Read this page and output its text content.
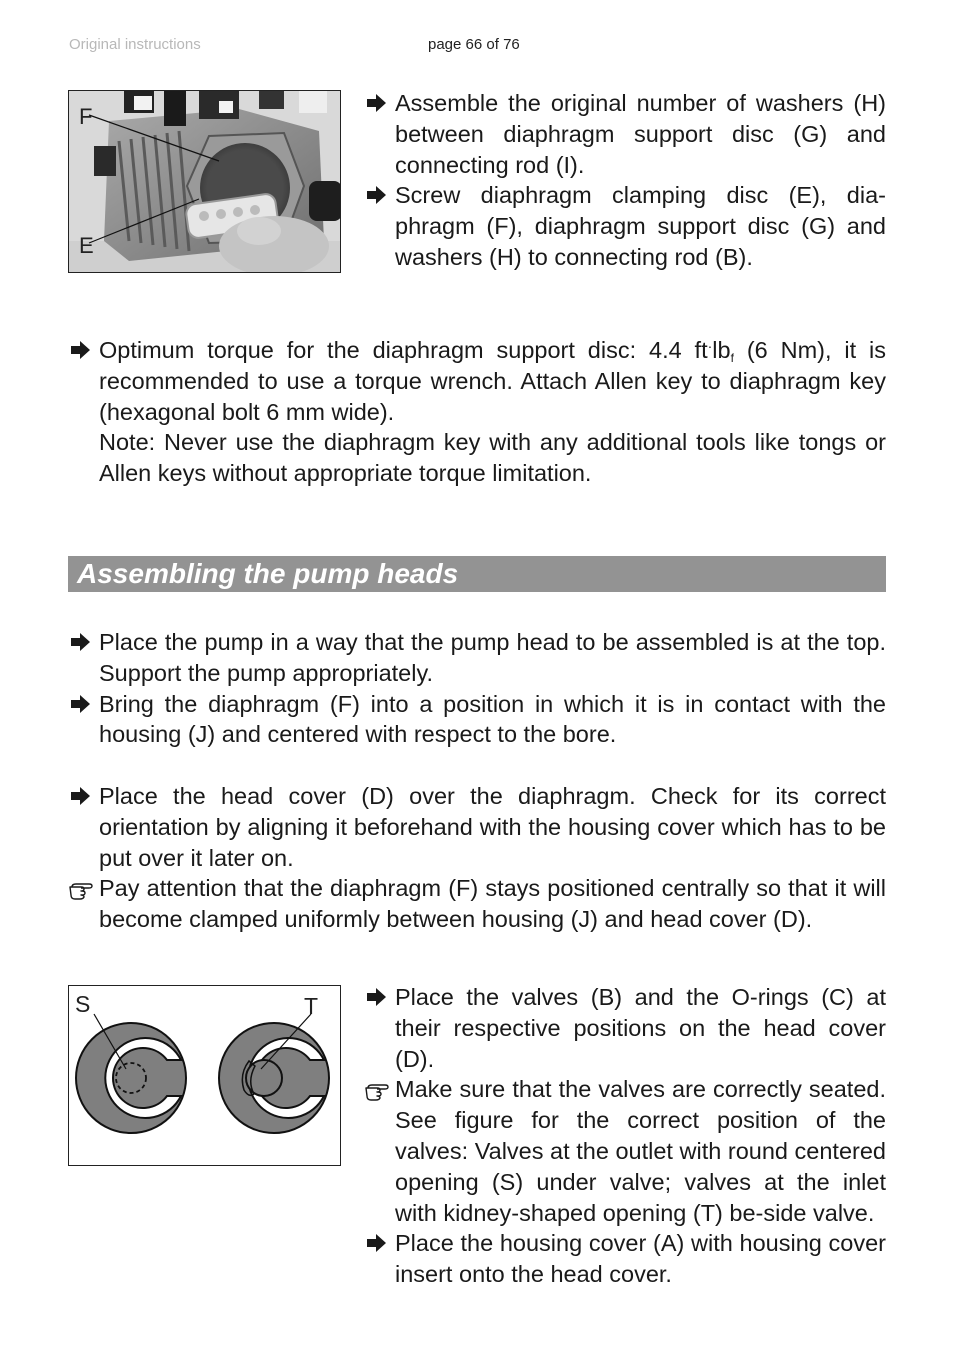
Original instructions	page 66 of 76
F
E
Assemble the original number of washers (H) between diaphragm support disc (G) and connecting rod (I).
Screw diaphragm clamping disc (E), dia-phragm (F), diaphragm support disc (G) and washers (H) to connecting rod (B).
Optimum torque for the diaphragm support disc: 4.4 $ft^\cdot lb_f$ (6 Nm), it is recommended to use a torque wrench. Attach Allen key to diaphragm key (hexagonal bolt 6 mm wide).
Note: Never use the diaphragm key with any additional tools like tongs or Allen keys without appropriate torque limitation.
Assembling the pump heads
Place the pump in a way that the pump head to be assembled is at the top. Support the pump appropriately.
Bring the diaphragm (F) into a position in which it is in contact with the housing (J) and centered with respect to the bore.
Place the head cover (D) over the diaphragm. Check for its correct orientation by aligning it beforehand with the housing cover which has to be put over it later on.
Pay attention that the diaphragm (F) stays positioned centrally so that it will become clamped uniformly between housing (J) and head cover (D).
S	T	Place the valves (B) and the O-rings (C) at their respective positions on the head cover (D).
Make sure that the valves are correctly seated. See figure for the correct position of the valves: Valves at the outlet with round centered opening (S) under valve; valves at the inlet with kidney-shaped opening (T) be-side valve.
Place the housing cover (A) with housing cover insert onto the head cover.
